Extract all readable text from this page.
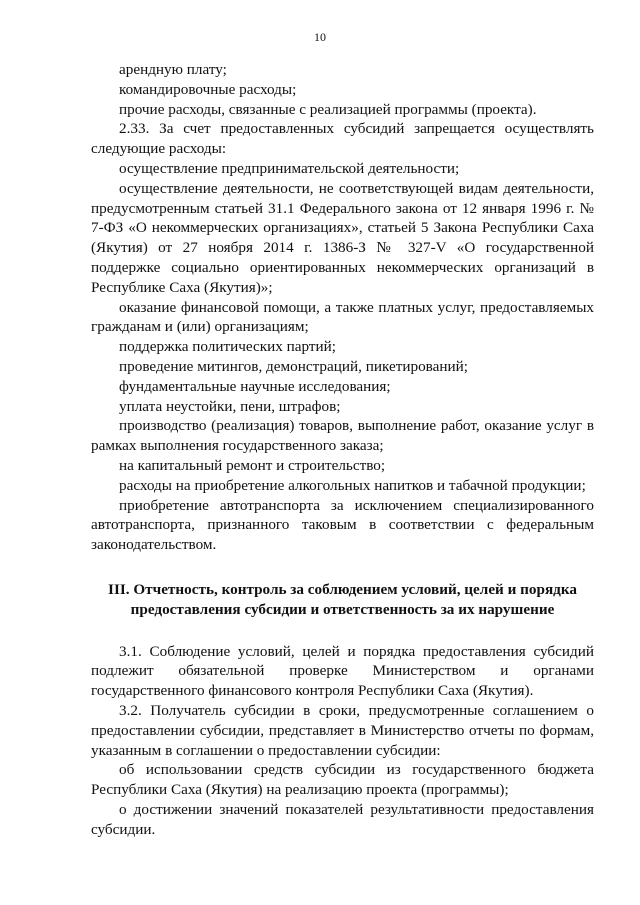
10

арендную плату;

командировочные расходы;

прочие расходы, связанные с реализацией программы (проекта).

2.33. За счет предоставленных субсидий запрещается осуществлять следующие расходы:

осуществление предпринимательской деятельности;

осуществление деятельности, не соответствующей видам деятельности, предусмотренным статьей 31.1 Федерального закона от 12 января 1996 г. № 7-ФЗ «О некоммерческих организациях», статьей 5 Закона Республики Саха (Якутия) от 27 ноября 2014 г. 1386-З № 327-V «О государственной поддержке социально ориентированных некоммерческих организаций в Республике Саха (Якутия)»;

оказание финансовой помощи, а также платных услуг, предоставляемых гражданам и (или) организациям;

поддержка политических партий;

проведение митингов, демонстраций, пикетирований;

фундаментальные научные исследования;

уплата неустойки, пени, штрафов;

производство (реализация) товаров, выполнение работ, оказание услуг в рамках выполнения государственного заказа;

на капитальный ремонт и строительство;

расходы на приобретение алкогольных напитков и табачной продукции;

приобретение автотранспорта за исключением специализированного автотранспорта, признанного таковым в соответствии с федеральным законодательством.

III. Отчетность, контроль за соблюдением условий, целей и порядка предоставления субсидии и ответственность за их нарушение

3.1. Соблюдение условий, целей и порядка предоставления субсидий подлежит обязательной проверке Министерством и органами государственного финансового контроля Республики Саха (Якутия).

3.2. Получатель субсидии в сроки, предусмотренные соглашением о предоставлении субсидии, представляет в Министерство отчеты по формам, указанным в соглашении о предоставлении субсидии:

об использовании средств субсидии из государственного бюджета Республики Саха (Якутия) на реализацию проекта (программы);

о достижении значений показателей результативности предоставления субсидии.
